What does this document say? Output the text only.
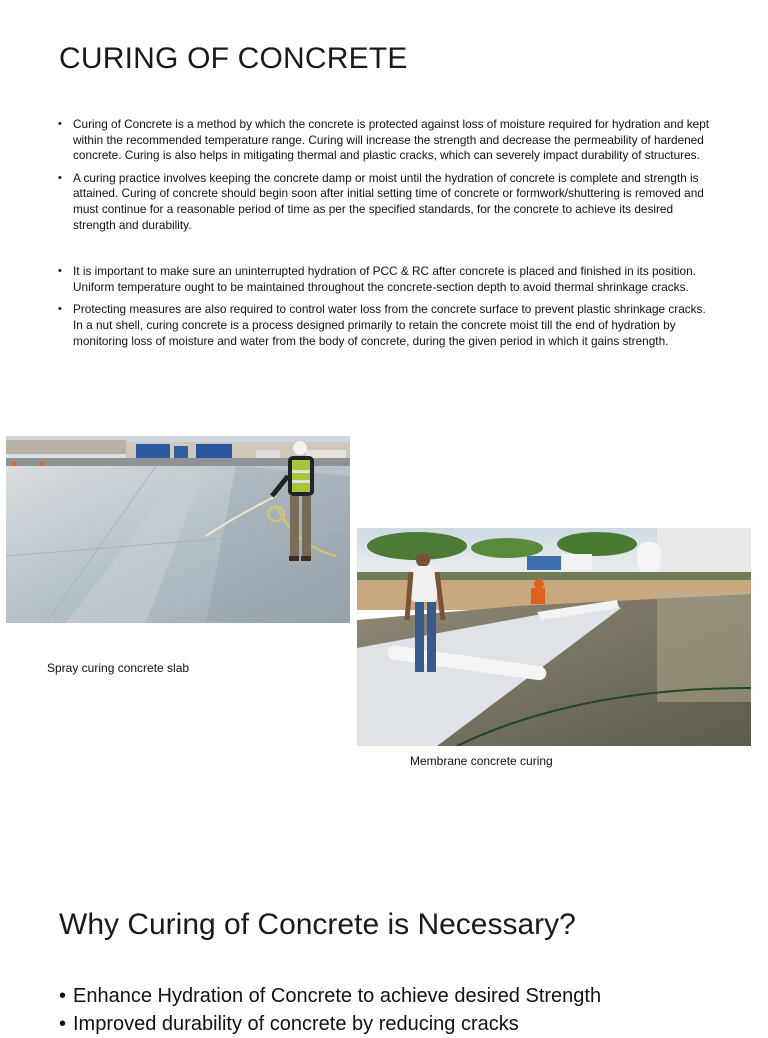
CURING OF CONCRETE
• Curing of Concrete is a method by which the concrete is protected against loss of moisture required for hydration and kept within the recommended temperature range. Curing will increase the strength and decrease the permeability of hardened concrete. Curing is also helps in mitigating thermal and plastic cracks, which can severely impact durability of structures.
• A curing practice involves keeping the concrete damp or moist until the hydration of concrete is complete and strength is attained. Curing of concrete should begin soon after initial setting time of concrete or formwork/shuttering is removed and must continue for a reasonable period of time as per the specified standards, for the concrete to achieve its desired strength and durability.
• It is important to make sure an uninterrupted hydration of PCC & RC after concrete is placed and finished in its position. Uniform temperature ought to be maintained throughout the concrete-section depth to avoid thermal shrinkage cracks.
• Protecting measures are also required to control water loss from the concrete surface to prevent plastic shrinkage cracks. In a nut shell, curing concrete is a process designed primarily to retain the concrete moist till the end of hydration by monitoring loss of moisture and water from the body of concrete, during the given period in which it gains strength.
Spray curing concrete slab
Membrane concrete curing
Why Curing of Concrete is Necessary?
• Enhance Hydration of Concrete to achieve desired Strength
• Improved durability of concrete by reducing cracks
